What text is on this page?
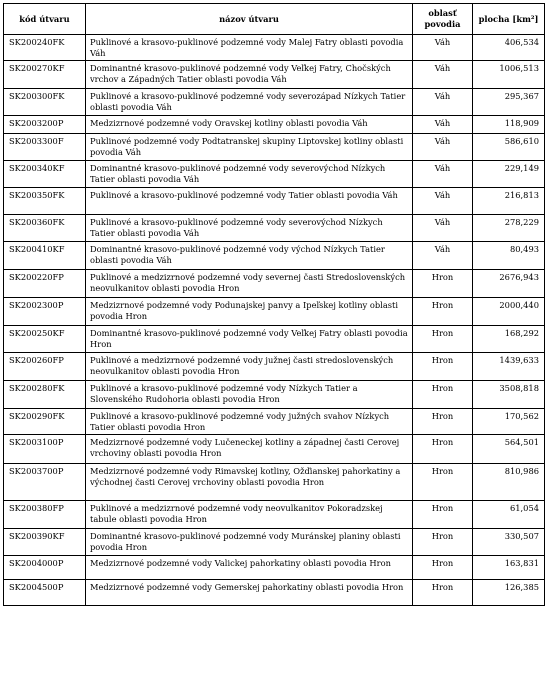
kód útvaru	názov útvaru	oblasť povodia	plocha [km²]
SK200240FK	Puklinové a krasovo-puklinové podzemné vody Malej Fatry oblasti povodia Váh	Váh	406,534
SK200270KF	Dominantné krasovo-puklinové podzemné vody Veľkej Fatry, Chočských vrchov a Západných Tatier oblasti povodia Váh	Váh	1006,513
SK200300FK	Puklinové a krasovo-puklinové podzemné vody severozápad Nízkych Tatier oblasti povodia Váh	Váh	295,367
SK2003200P	Medzizrnové podzemné vody Oravskej kotliny oblasti povodia Váh	Váh	118,909
SK2003300F	Puklinové podzemné vody Podtatranskej skupiny Liptovskej kotliny oblasti povodia Váh	Váh	586,610
SK200340KF	Dominantné krasovo-puklinové podzemné vody severovýchod Nízkych Tatier oblasti povodia Váh	Váh	229,149
SK200350FK	Puklinové a krasovo-puklinové podzemné vody Tatier oblasti povodia Váh	Váh	216,813
SK200360FK	Puklinové a krasovo-puklinové podzemné vody severovýchod Nízkych Tatier oblasti povodia Váh	Váh	278,229
SK200410KF	Dominantné krasovo-puklinové podzemné vody východ Nízkych Tatier oblasti povodia Váh	Váh	80,493
SK200220FP	Puklinové a medzizrnové podzemné vody severnej časti Stredoslovenských neovulkanitov oblasti povodia Hron	Hron	2676,943
SK2002300P	Medzizrnové podzemné vody Podunajskej panvy a Ipeľskej kotliny oblasti povodia Hron	Hron	2000,440
SK200250KF	Dominantné krasovo-puklinové podzemné vody Veľkej Fatry oblasti povodia Hron	Hron	168,292
SK200260FP	Puklinové a medzizrnové podzemné vody južnej časti stredoslovenských neovulkanitov oblasti povodia Hron	Hron	1439,633
SK200280FK	Puklinové a krasovo-puklinové podzemné vody Nízkych Tatier a Slovenského Rudohoria oblasti povodia Hron	Hron	3508,818
SK200290FK	Puklinové a krasovo-puklinové podzemné vody južných svahov Nízkych Tatier oblasti povodia Hron	Hron	170,562
SK2003100P	Medzizrnové podzemné vody Lučeneckej kotliny a západnej časti Cerovej vrchoviny oblasti povodia Hron	Hron	564,501
SK2003700P	Medzizrnové podzemné vody Rimavskej kotliny, Ožďianskej pahorkatiny a východnej časti Cerovej vrchoviny oblasti povodia Hron	Hron	810,986
SK200380FP	Puklinové a medzizrnové podzemné vody neovulkanitov Pokoradzskej tabule oblasti povodia Hron	Hron	61,054
SK200390KF	Dominantné krasovo-puklinové podzemné vody Muránskej planiny oblasti povodia Hron	Hron	330,507
SK2004000P	Medzizrnové podzemné vody Valickej pahorkatiny oblasti povodia Hron	Hron	163,831
SK2004500P	Medzizrnové podzemné vody Gemerskej pahorkatiny oblasti povodia Hron	Hron	126,385
